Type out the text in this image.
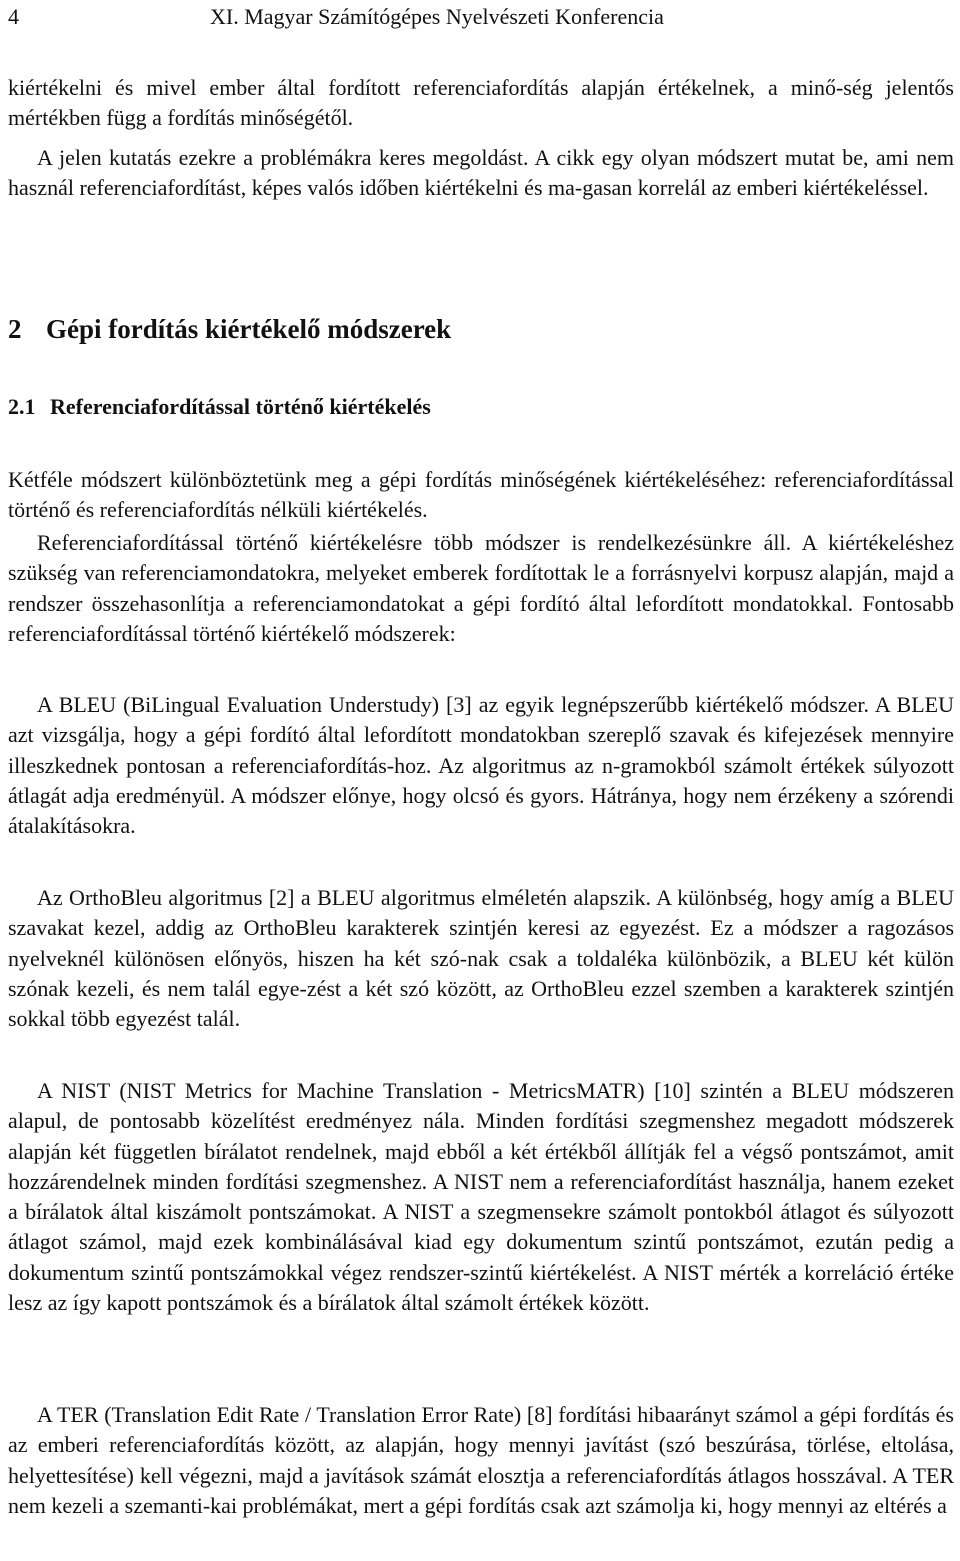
4	XI. Magyar Számítógépes Nyelvészeti Konferencia

kiértékelni és mivel ember által fordított referenciafordítás alapján értékelnek, a minő-ség jelentős mértékben függ a fordítás minőségétől.

A jelen kutatás ezekre a problémákra keres megoldást. A cikk egy olyan módszert mutat be, ami nem használ referenciafordítást, képes valós időben kiértékelni és ma-gasan korrelál az emberi kiértékeléssel.

2 Gépi fordítás kiértékelő módszerek
2.1 Referenciafordítással történő kiértékelés

Kétféle módszert különböztetünk meg a gépi fordítás minőségének kiértékeléséhez: referenciafordítással történő és referenciafordítás nélküli kiértékelés.

Referenciafordítással történő kiértékelésre több módszer is rendelkezésünkre áll. A kiértékeléshez szükség van referenciamondatokra, melyeket emberek fordítottak le a forrásnyelvi korpusz alapján, majd a rendszer összehasonlítja a referenciamondatokat a gépi fordító által lefordított mondatokkal. Fontosabb referenciafordítással történő kiértékelő módszerek:

A BLEU (BiLingual Evaluation Understudy) [3] az egyik legnépszerűbb kiértékelő módszer. A BLEU azt vizsgálja, hogy a gépi fordító által lefordított mondatokban szereplő szavak és kifejezések mennyire illeszkednek pontosan a referenciafordítás-hoz. Az algoritmus az n-gramokból számolt értékek súlyozott átlagát adja eredményül. A módszer előnye, hogy olcsó és gyors. Hátránya, hogy nem érzékeny a szórendi átalakításokra.

Az OrthoBleu algoritmus [2] a BLEU algoritmus elméletén alapszik. A különbség, hogy amíg a BLEU szavakat kezel, addig az OrthoBleu karakterek szintjén keresi az egyezést. Ez a módszer a ragozásos nyelveknél különösen előnyös, hiszen ha két szó-nak csak a toldaléka különbözik, a BLEU két külön szónak kezeli, és nem talál egye-zést a két szó között, az OrthoBleu ezzel szemben a karakterek szintjén sokkal több egyezést talál.

A NIST (NIST Metrics for Machine Translation - MetricsMATR) [10] szintén a BLEU módszeren alapul, de pontosabb közelítést eredményez nála. Minden fordítási szegmenshez megadott módszerek alapján két független bírálatot rendelnek, majd ebből a két értékből állítják fel a végső pontszámot, amit hozzárendelnek minden fordítási szegmenshez. A NIST nem a referenciafordítást használja, hanem ezeket a bírálatok által kiszámolt pontszámokat. A NIST a szegmensekre számolt pontokból átlagot és súlyozott átlagot számol, majd ezek kombinálásával kiad egy dokumentum szintű pontszámot, ezután pedig a dokumentum szintű pontszámokkal végez rendszer-szintű kiértékelést. A NIST mérték a korreláció értéke lesz az így kapott pontszámok és a bírálatok által számolt értékek között.

A TER (Translation Edit Rate / Translation Error Rate) [8] fordítási hibaarányt számol a gépi fordítás és az emberi referenciafordítás között, az alapján, hogy mennyi javítást (szó beszúrása, törlése, eltolása, helyettesítése) kell végezni, majd a javítások számát elosztja a referenciafordítás átlagos hosszával. A TER nem kezeli a szemanti-kai problémákat, mert a gépi fordítás csak azt számolja ki, hogy mennyi az eltérés a
